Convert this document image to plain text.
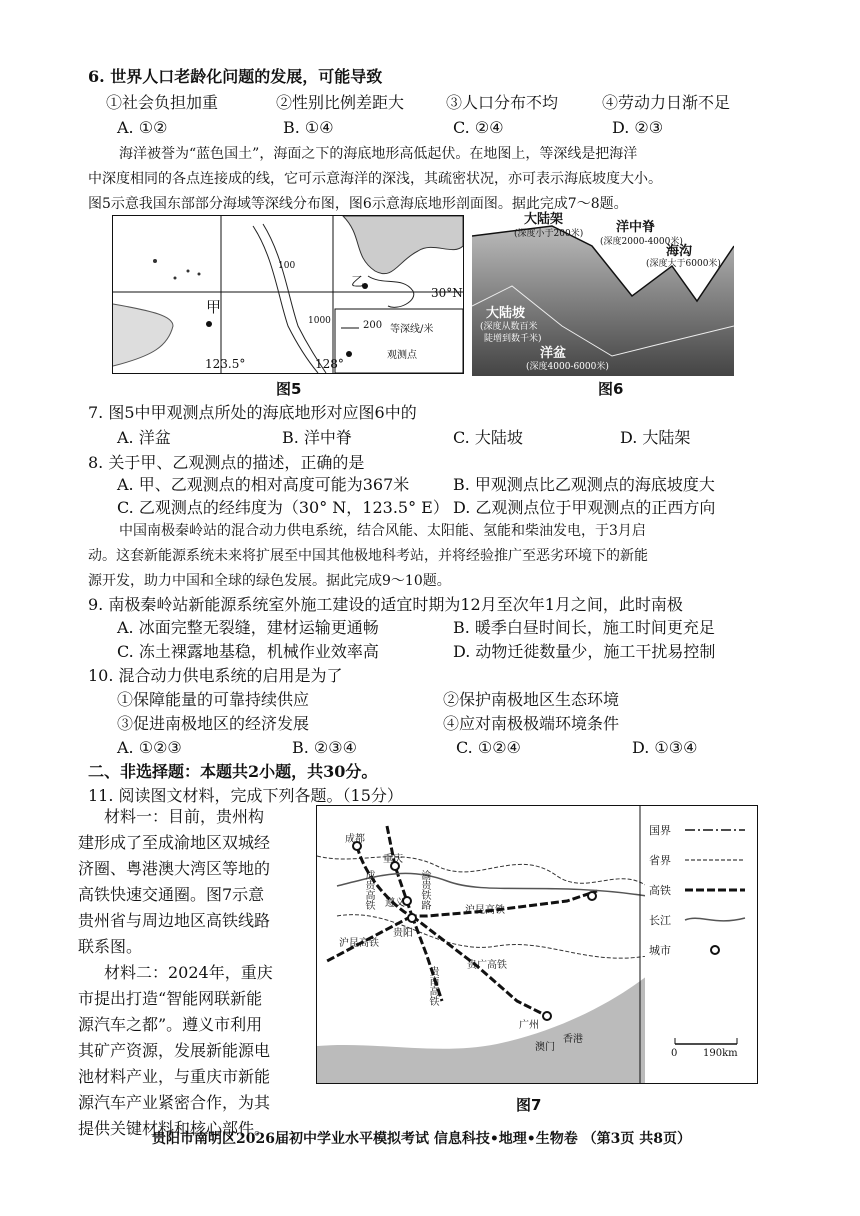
6. 世界人口老龄化问题的发展，可能导致
①社会负担加重	②性别比例差距大	③人口分布不均	④劳动力日渐不足
A. ①②	B. ①④	C. ②④	D. ②③
海洋被誉为“蓝色国土”，海面之下的海底地形高低起伏。在地图上，等深线是把海洋
中深度相同的各点连接成的线，它可示意海洋的深浅，其疏密状况，亦可表示海底坡度大小。
图5示意我国东部部分海域等深线分布图，图6示意海底地形剖面图。据此完成7～8题。
甲
乙
30°N
123.5°	128°
100
1000	200 等深线/米
观测点
图5
大陆架
(深度小于200米)	洋中脊
(深度2000-4000米)
海沟
(深度大于6000米)
大陆坡
(深度从数百米
陡增到数千米)
洋盆
(深度4000-6000米)
图6
7. 图5中甲观测点所处的海底地形对应图6中的
A. 洋盆	B. 洋中脊	C. 大陆坡	D. 大陆架
8. 关于甲、乙观测点的描述，正确的是
A. 甲、乙观测点的相对高度可能为367米	B. 甲观测点比乙观测点的海底坡度大
C. 乙观测点的经纬度为（30° N，123.5° E） D. 乙观测点位于甲观测点的正西方向
中国南极秦岭站的混合动力供电系统，结合风能、太阳能、氢能和柴油发电，于3月启
动。这套新能源系统未来将扩展至中国其他极地科考站，并将经验推广至恶劣环境下的新能
源开发，助力中国和全球的绿色发展。据此完成9～10题。
9. 南极秦岭站新能源系统室外施工建设的适宜时期为12月至次年1月之间，此时南极
A. 冰面完整无裂缝，建材运输更通畅	B. 暖季白昼时间长，施工时间更充足
C. 冻土裸露地基稳，机械作业效率高	D. 动物迁徙数量少，施工干扰易控制
10. 混合动力供电系统的启用是为了
①保障能量的可靠持续供应	②保护南极地区生态环境
③促进南极地区的经济发展	④应对南极极端环境条件
A. ①②③	B. ②③④	C. ①②④	D. ①③④
二、非选择题：本题共2小题，共30分。
11. 阅读图文材料，完成下列各题。（15分）
材料一：目前，贵州构
建形成了至成渝地区双城经
济圈、粤港澳大湾区等地的
高铁快速交通圈。图7示意
贵州省与周边地区高铁线路
联系图。
材料二：2024年，重庆
市提出打造“智能网联新能
源汽车之都”。遵义市利用
其矿产资源，发展新能源电
池材料产业，与重庆市新能
源汽车产业紧密合作，为其
提供关键材料和核心部件。
成都
重庆
遵义
贵阳
广州
澳门
香港
成贵高铁	渝贵铁路
沪昆高铁
沪昆高铁
贵南高铁
贵广高铁
国界
省界
高铁
长江
城市
0	190km
图7
贵阳市南明区2026届初中学业水平模拟考试 信息科技•地理•生物卷 （第3页 共8页）
